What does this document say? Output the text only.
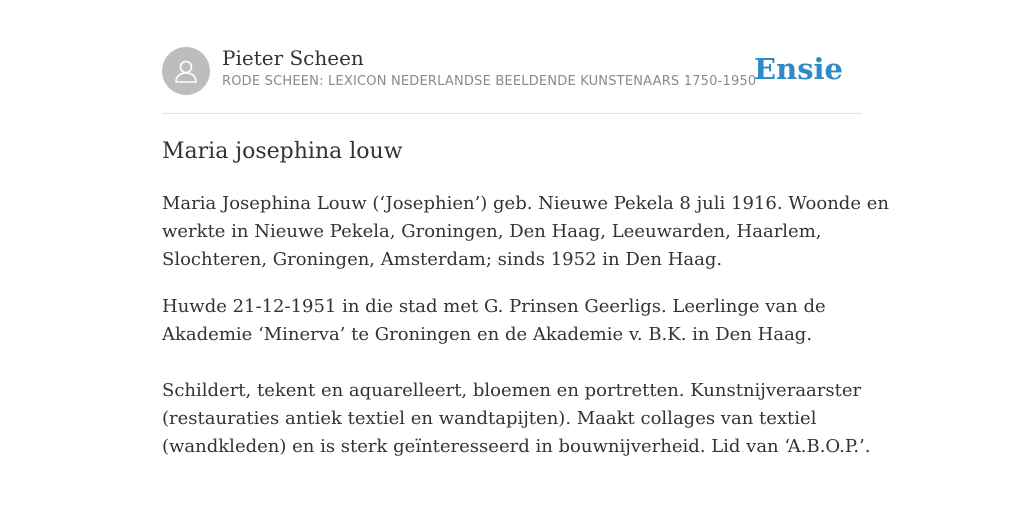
Pieter Scheen
RODE SCHEEN: LEXICON NEDERLANDSE BEELDENDE KUNSTENAARS 1750-1950
Ensie
Maria josephina louw

Maria Josephina Louw (‘Josephien’) geb. Nieuwe Pekela 8 juli 1916. Woonde en
werkte in Nieuwe Pekela, Groningen, Den Haag, Leeuwarden, Haarlem,
Slochteren, Groningen, Amsterdam; sinds 1952 in Den Haag.

Huwde 21-12-1951 in die stad met G. Prinsen Geerligs. Leerlinge van de
Akademie ‘Minerva’ te Groningen en de Akademie v. B.K. in Den Haag.

Schildert, tekent en aquarelleert, bloemen en portretten. Kunstnijveraarster
(restauraties antiek textiel en wandtapijten). Maakt collages van textiel
(wandkleden) en is sterk geïnteresseerd in bouwnijverheid. Lid van ‘A.B.O.P.’.
